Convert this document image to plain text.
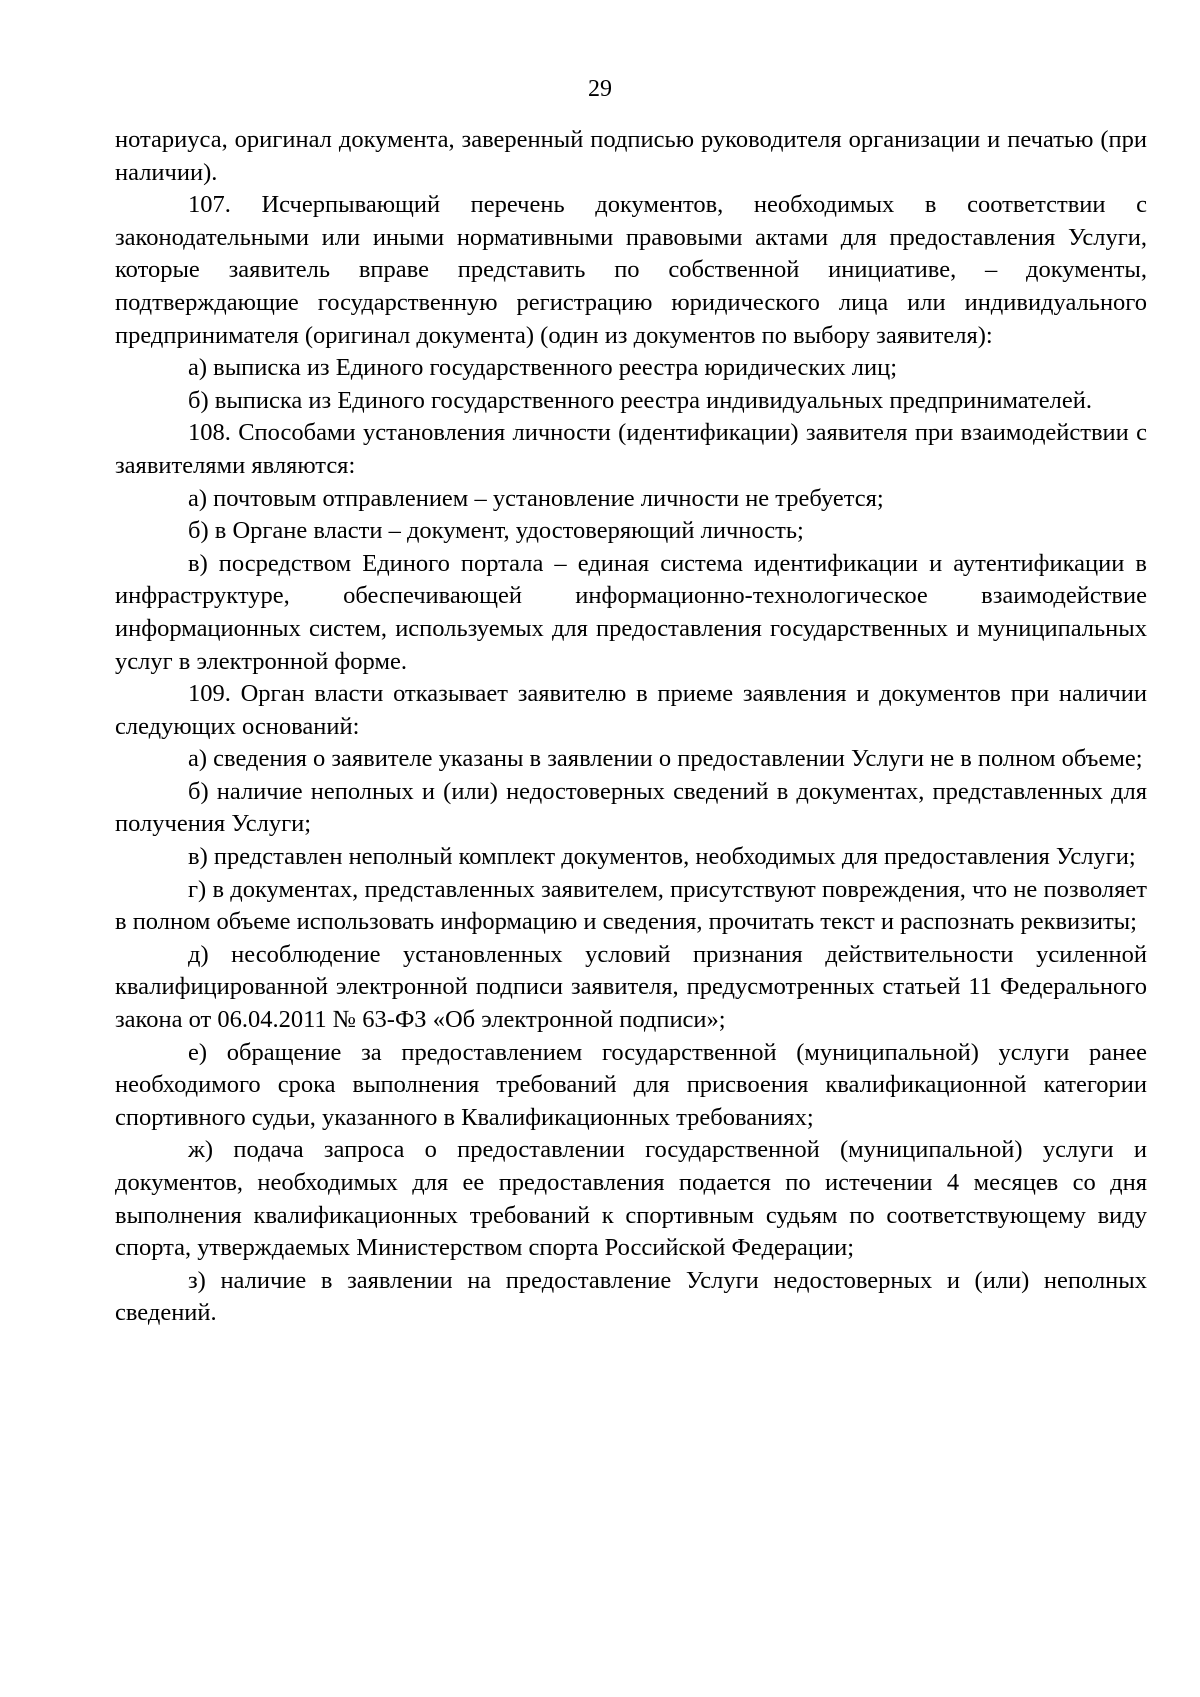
29

нотариуса, оригинал документа, заверенный подписью руководителя организации и печатью (при наличии).

107. Исчерпывающий перечень документов, необходимых в соответствии с законодательными или иными нормативными правовыми актами для предоставления Услуги, которые заявитель вправе представить по собственной инициативе, – документы, подтверждающие государственную регистрацию юридического лица или индивидуального предпринимателя (оригинал документа) (один из документов по выбору заявителя):

а) выписка из Единого государственного реестра юридических лиц;

б) выписка из Единого государственного реестра индивидуальных предпринимателей.

108. Способами установления личности (идентификации) заявителя при взаимодействии с заявителями являются:

а) почтовым отправлением – установление личности не требуется;

б) в Органе власти – документ, удостоверяющий личность;

в) посредством Единого портала – единая система идентификации и аутентификации в инфраструктуре, обеспечивающей информационно-технологическое взаимодействие информационных систем, используемых для предоставления государственных и муниципальных услуг в электронной форме.

109. Орган власти отказывает заявителю в приеме заявления и документов при наличии следующих оснований:

а) сведения о заявителе указаны в заявлении о предоставлении Услуги не в полном объеме;

б) наличие неполных и (или) недостоверных сведений в документах, представленных для получения Услуги;

в) представлен неполный комплект документов, необходимых для предоставления Услуги;

г) в документах, представленных заявителем, присутствуют повреждения, что не позволяет в полном объеме использовать информацию и сведения, прочитать текст и распознать реквизиты;

д) несоблюдение установленных условий признания действительности усиленной квалифицированной электронной подписи заявителя, предусмотренных статьей 11 Федерального закона от 06.04.2011 № 63-ФЗ «Об электронной подписи»;

е) обращение за предоставлением государственной (муниципальной) услуги ранее необходимого срока выполнения требований для присвоения квалификационной категории спортивного судьи, указанного в Квалификационных требованиях;

ж) подача запроса о предоставлении государственной (муниципальной) услуги и документов, необходимых для ее предоставления подается по истечении 4 месяцев со дня выполнения квалификационных требований к спортивным судьям по соответствующему виду спорта, утверждаемых Министерством спорта Российской Федерации;

з) наличие в заявлении на предоставление Услуги недостоверных и (или) неполных сведений.
